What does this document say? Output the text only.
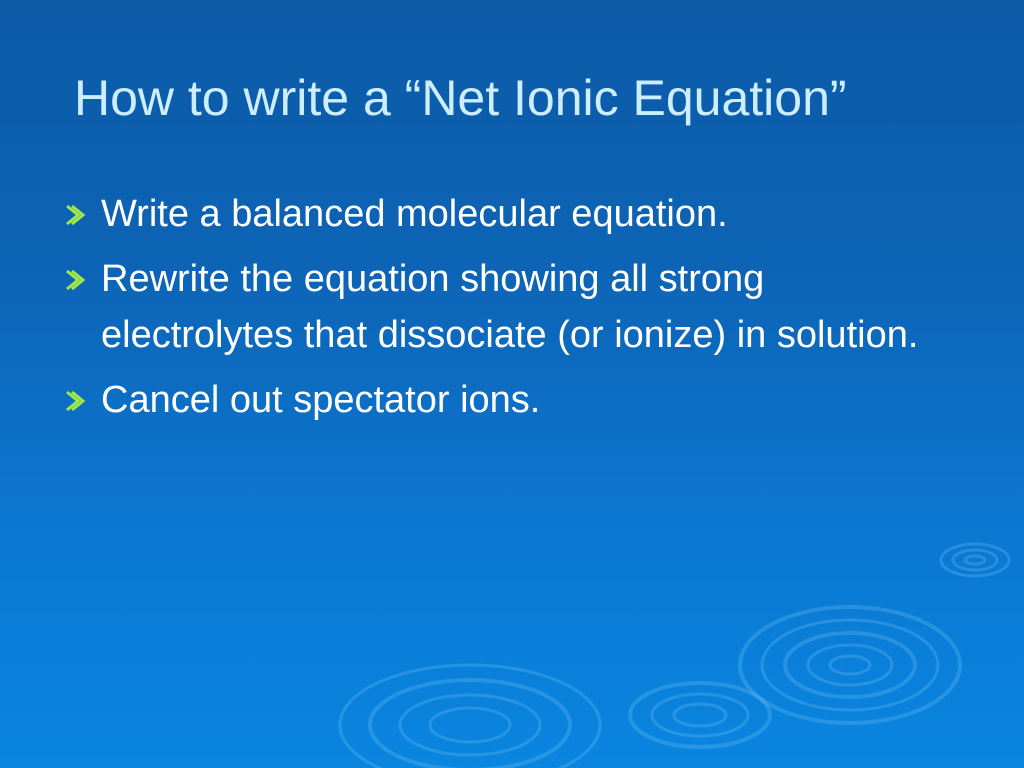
How to write a “Net Ionic Equation”
Write a balanced molecular equation.
Rewrite the equation showing all strong electrolytes that dissociate (or ionize) in solution.
Cancel out spectator ions.
